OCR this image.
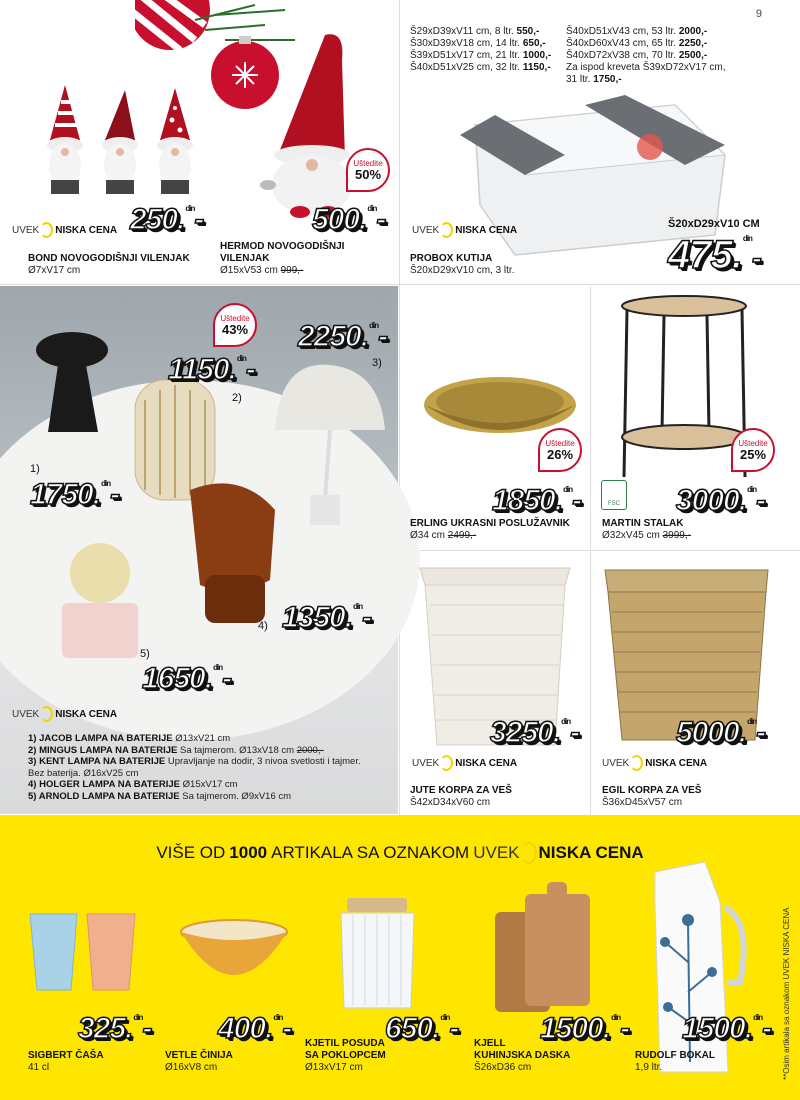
9
Uštedite
50%
UVEK NISKA CENA 250.$^{din}$-
BOND NOVOGODIŠNJI VILENJAK
Ø7xV17 cm
500.$^{din}$-
HERMOD NOVOGODIŠNJI
VILENJAK
Ø15xV53 cm 999,-
Š29xD39xV11 cm, 8 ltr. 550,-
Š30xD39xV18 cm, 14 ltr. 650,-
Š39xD51xV17 cm, 21 ltr. 1000,-
Š40xD51xV25 cm, 32 ltr. 1150,-
Š40xD51xV43 cm, 53 ltr. 2000,-
Š40xD60xV43 cm, 65 ltr. 2250,-
Š40xD72xV38 cm, 70 ltr. 2500,-
Za ispod kreveta Š39xD72xV17 cm,
31 ltr. 1750,-
Š20xD29xV10 CM
475.$^{din}$-
UVEK NISKA CENA
PROBOX KUTIJA
Š20xD29xV10 cm, 3 ltr.
Uštedite
43% 2250.$^{din}$-
3)
1150.$^{din}$-
2)
1)
1750.$^{din}$-
4) 1350.$^{din}$-
5)
1650.$^{din}$-
UVEK NISKA CENA
1) JACOB LAMPA NA BATERIJE Ø13xV21 cm
2) MINGUS LAMPA NA BATERIJE Sa tajmerom. Ø13xV18 cm 2000,-
3) KENT LAMPA NA BATERIJE Upravljanje na dodir, 3 nivoa svetlosti i tajmer.
Bez baterija. Ø16xV25 cm
4) HOLGER LAMPA NA BATERIJE Ø15xV17 cm
5) ARNOLD LAMPA NA BATERIJE Sa tajmerom. Ø9xV16 cm
Uštedite
26%
1850.$^{din}$-
ERLING UKRASNI POSLUŽAVNIK
Ø34 cm 2499,-
Uštedite
25%
FSC 3000.$^{din}$-
MARTIN STALAK
Ø32xV45 cm 3999,-
3250.$^{din}$-
UVEK NISKA CENA
JUTE KORPA ZA VEŠ
Š42xD34xV60 cm
5000.$^{din}$-
UVEK NISKA CENA
EGIL KORPA ZA VEŠ
Š36xD45xV57 cm
VIŠE OD 1000 ARTIKALA SA OZNAKOM UVEK NISKA CENA
**Osim artikala sa oznakom UVEK NISKA CENA
325.$^{din}$-
SIGBERT ČAŠA
41 cl
400.$^{din}$-
VETLE ČINIJA
Ø16xV8 cm
650.$^{din}$-
KJETIL POSUDA
SA POKLOPCEM
Ø13xV17 cm
1500.$^{din}$-
KJELL
KUHINJSKA DASKA
Š26xD36 cm
1500.$^{din}$-
RUDOLF BOKAL
1,9 ltr.
